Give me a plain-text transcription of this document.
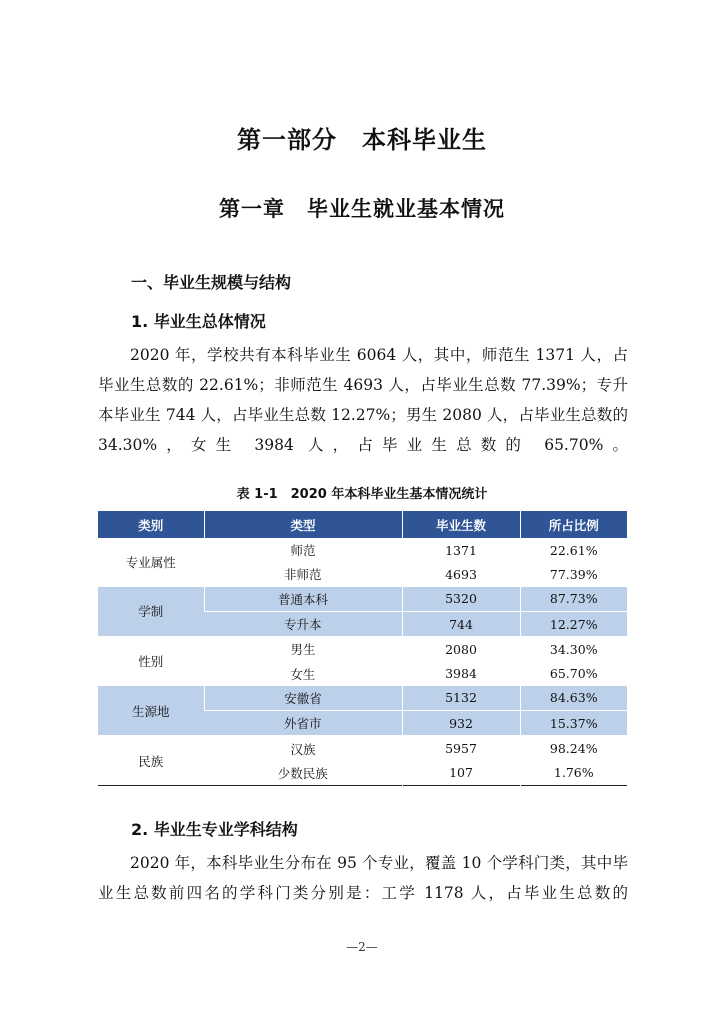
第一部分　本科毕业生
第一章　毕业生就业基本情况
一、毕业生规模与结构
1. 毕业生总体情况
2020 年，学校共有本科毕业生 6064 人，其中，师范生 1371 人，占毕业生总数的 22.61%；非师范生 4693 人，占毕业生总数 77.39%；专升本毕业生 744 人，占毕业生总数 12.27%；男生 2080 人，占毕业生总数的 34.30%，女生 3984 人，占毕业生总数的 65.70%。
表 1-1　2020 年本科毕业生基本情况统计
类别	类型	毕业生数	所占比例
专业属性	师范	1371	22.61%
	非师范	4693	77.39%
学制	普通本科	5320	87.73%
	专升本	744	12.27%
性别	男生	2080	34.30%
	女生	3984	65.70%
生源地	安徽省	5132	84.63%
	外省市	932	15.37%
民族	汉族	5957	98.24%
	少数民族	107	1.76%
2. 毕业生专业学科结构
2020 年，本科毕业生分布在 95 个专业，覆盖 10 个学科门类，其中毕业生总数前四名的学科门类分别是：工学 1178 人，占毕业生总数的
—2—
